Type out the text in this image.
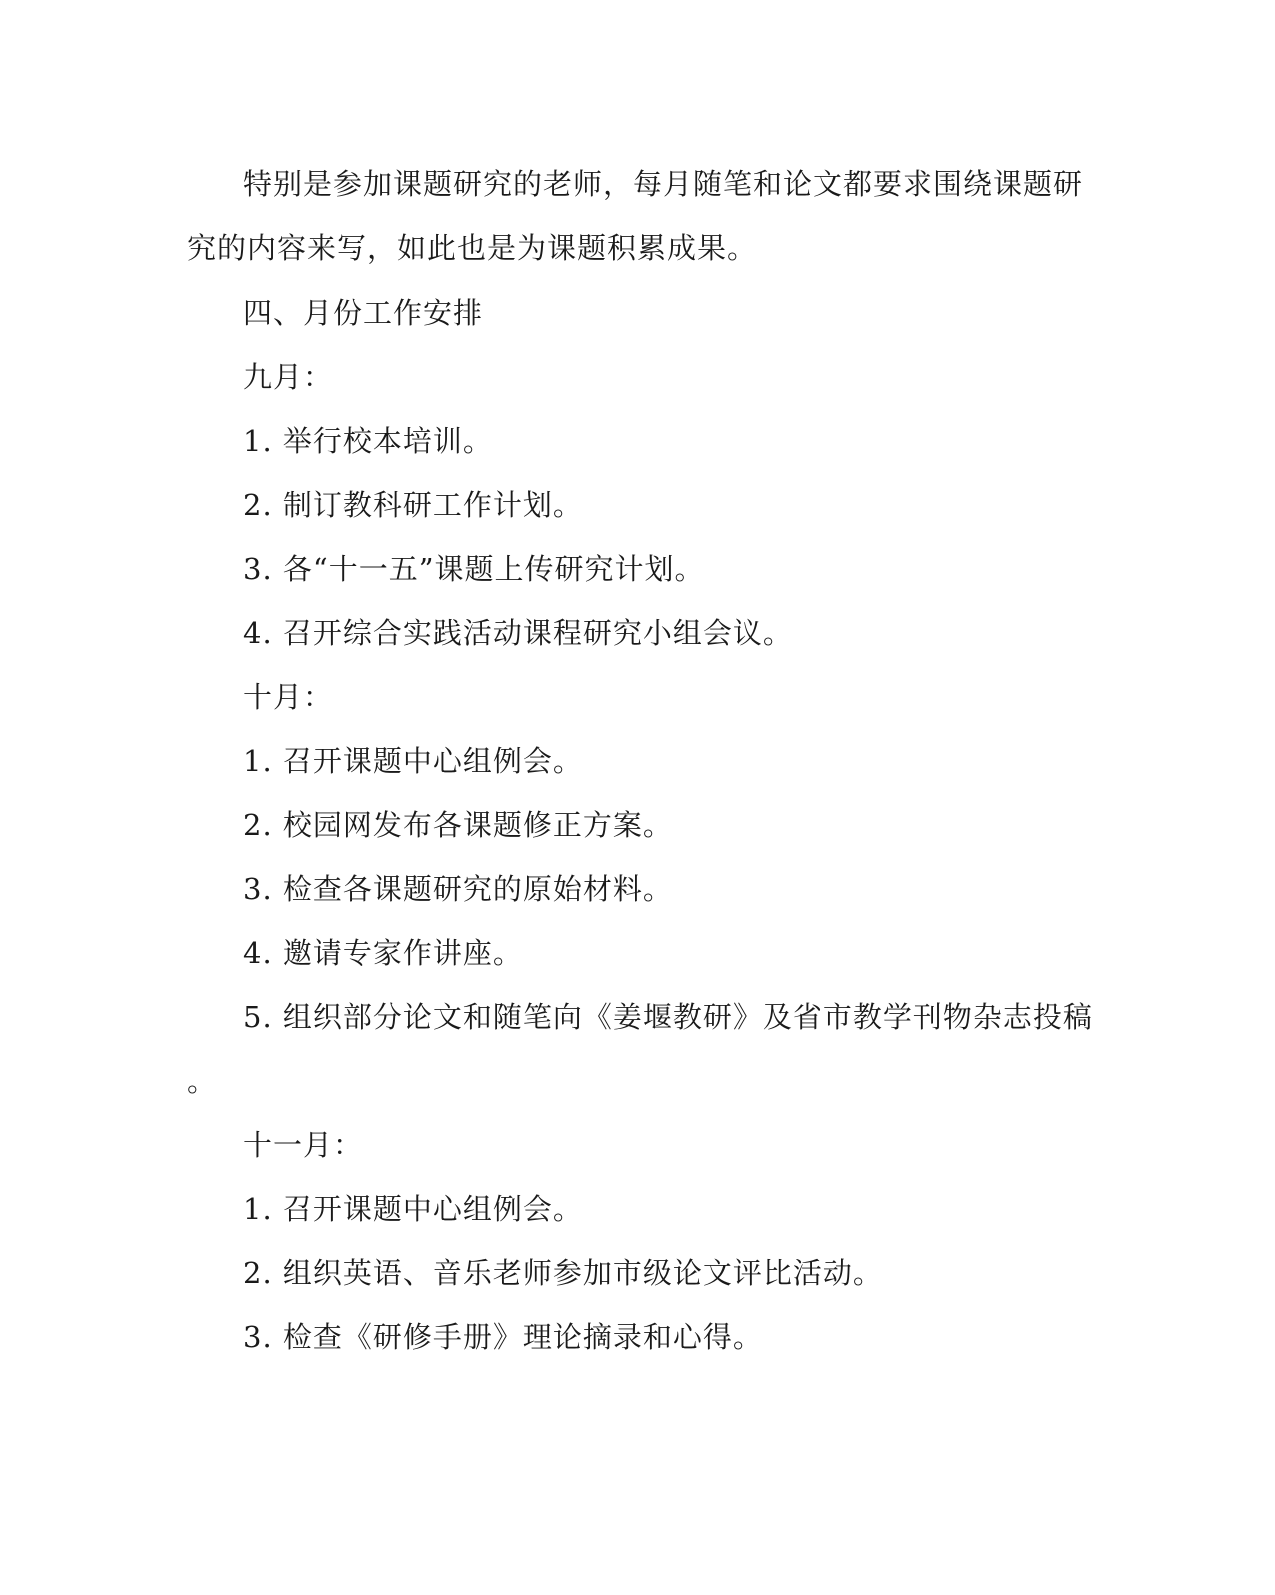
特别是参加课题研究的老师，每月随笔和论文都要求围绕课题研
究的内容来写，如此也是为课题积累成果。
四、月份工作安排
九月：
1. 举行校本培训。
2. 制订教科研工作计划。
3. 各“十一五”课题上传研究计划。
4. 召开综合实践活动课程研究小组会议。
十月：
1. 召开课题中心组例会。
2. 校园网发布各课题修正方案。
3. 检查各课题研究的原始材料。
4. 邀请专家作讲座。
5. 组织部分论文和随笔向《姜堰教研》及省市教学刊物杂志投稿
。
十一月：
1. 召开课题中心组例会。
2. 组织英语、音乐老师参加市级论文评比活动。
3. 检查《研修手册》理论摘录和心得。
